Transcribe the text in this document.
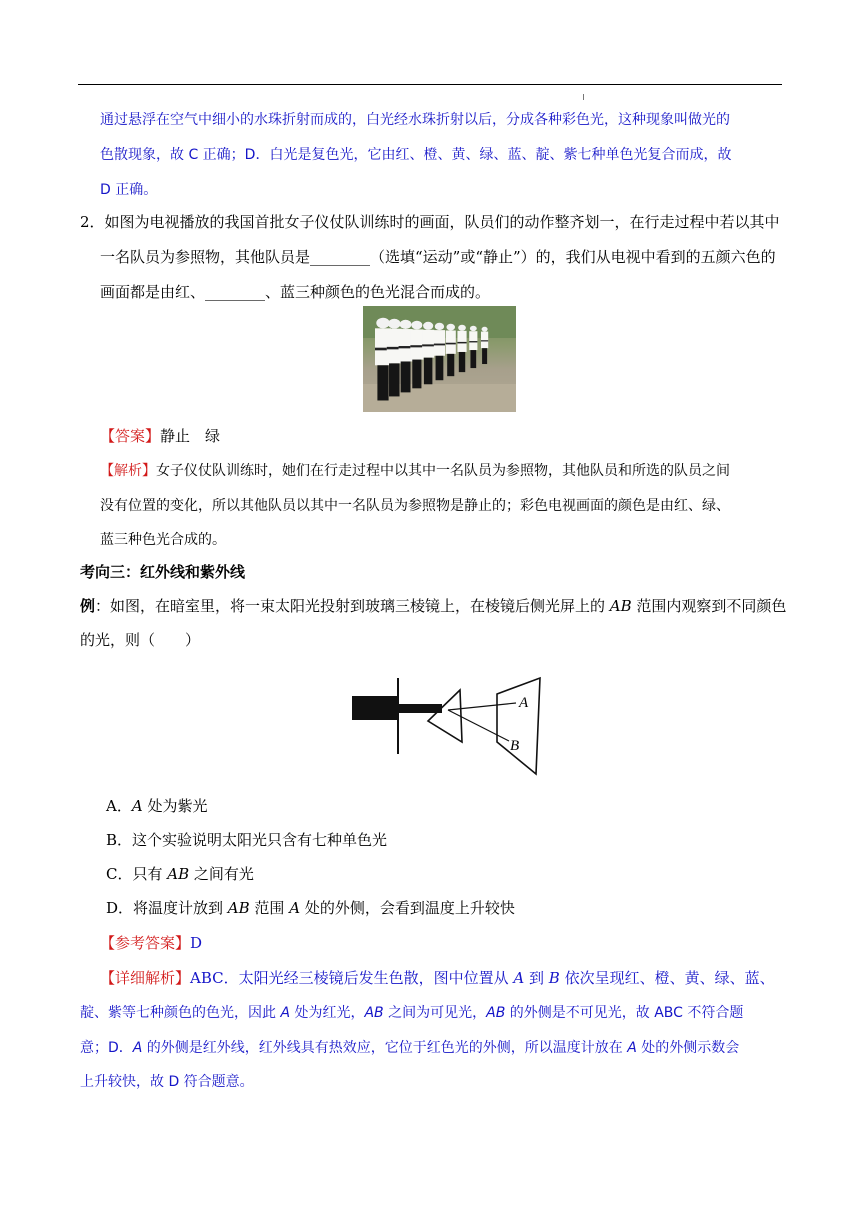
通过悬浮在空气中细小的水珠折射而成的，白光经水珠折射以后，分成各种彩色光，这种现象叫做光的
色散现象，故 C 正确；D．白光是复色光，它由红、橙、黄、绿、蓝、靛、紫七种单色光复合而成，故
D 正确。
2．如图为电视播放的我国首批女子仪仗队训练时的画面，队员们的动作整齐划一，在行走过程中若以其中
一名队员为参照物，其他队员是________（选填“运动”或“静止”）的，我们从电视中看到的五颜六色的
画面都是由红、________、蓝三种颜色的色光混合而成的。
【答案】静止　绿
【解析】女子仪仗队训练时，她们在行走过程中以其中一名队员为参照物，其他队员和所选的队员之间
没有位置的变化，所以其他队员以其中一名队员为参照物是静止的；彩色电视画面的颜色是由红、绿、
蓝三种色光合成的。
考向三：红外线和紫外线
例：如图，在暗室里，将一束太阳光投射到玻璃三棱镜上，在棱镜后侧光屏上的 AB 范围内观察到不同颜色
的光，则（　　）
A
B
A．A 处为紫光
B．这个实验说明太阳光只含有七种单色光
C．只有 AB 之间有光
D．将温度计放到 AB 范围 A 处的外侧，会看到温度上升较快
【参考答案】D
【详细解析】ABC．太阳光经三棱镜后发生色散，图中位置从 A 到 B 依次呈现红、橙、黄、绿、蓝、
靛、紫等七种颜色的色光，因此 A 处为红光，AB 之间为可见光，AB 的外侧是不可见光，故 ABC 不符合题
意；D．A 的外侧是红外线，红外线具有热效应，它位于红色光的外侧，所以温度计放在 A 处的外侧示数会
上升较快，故 D 符合题意。
